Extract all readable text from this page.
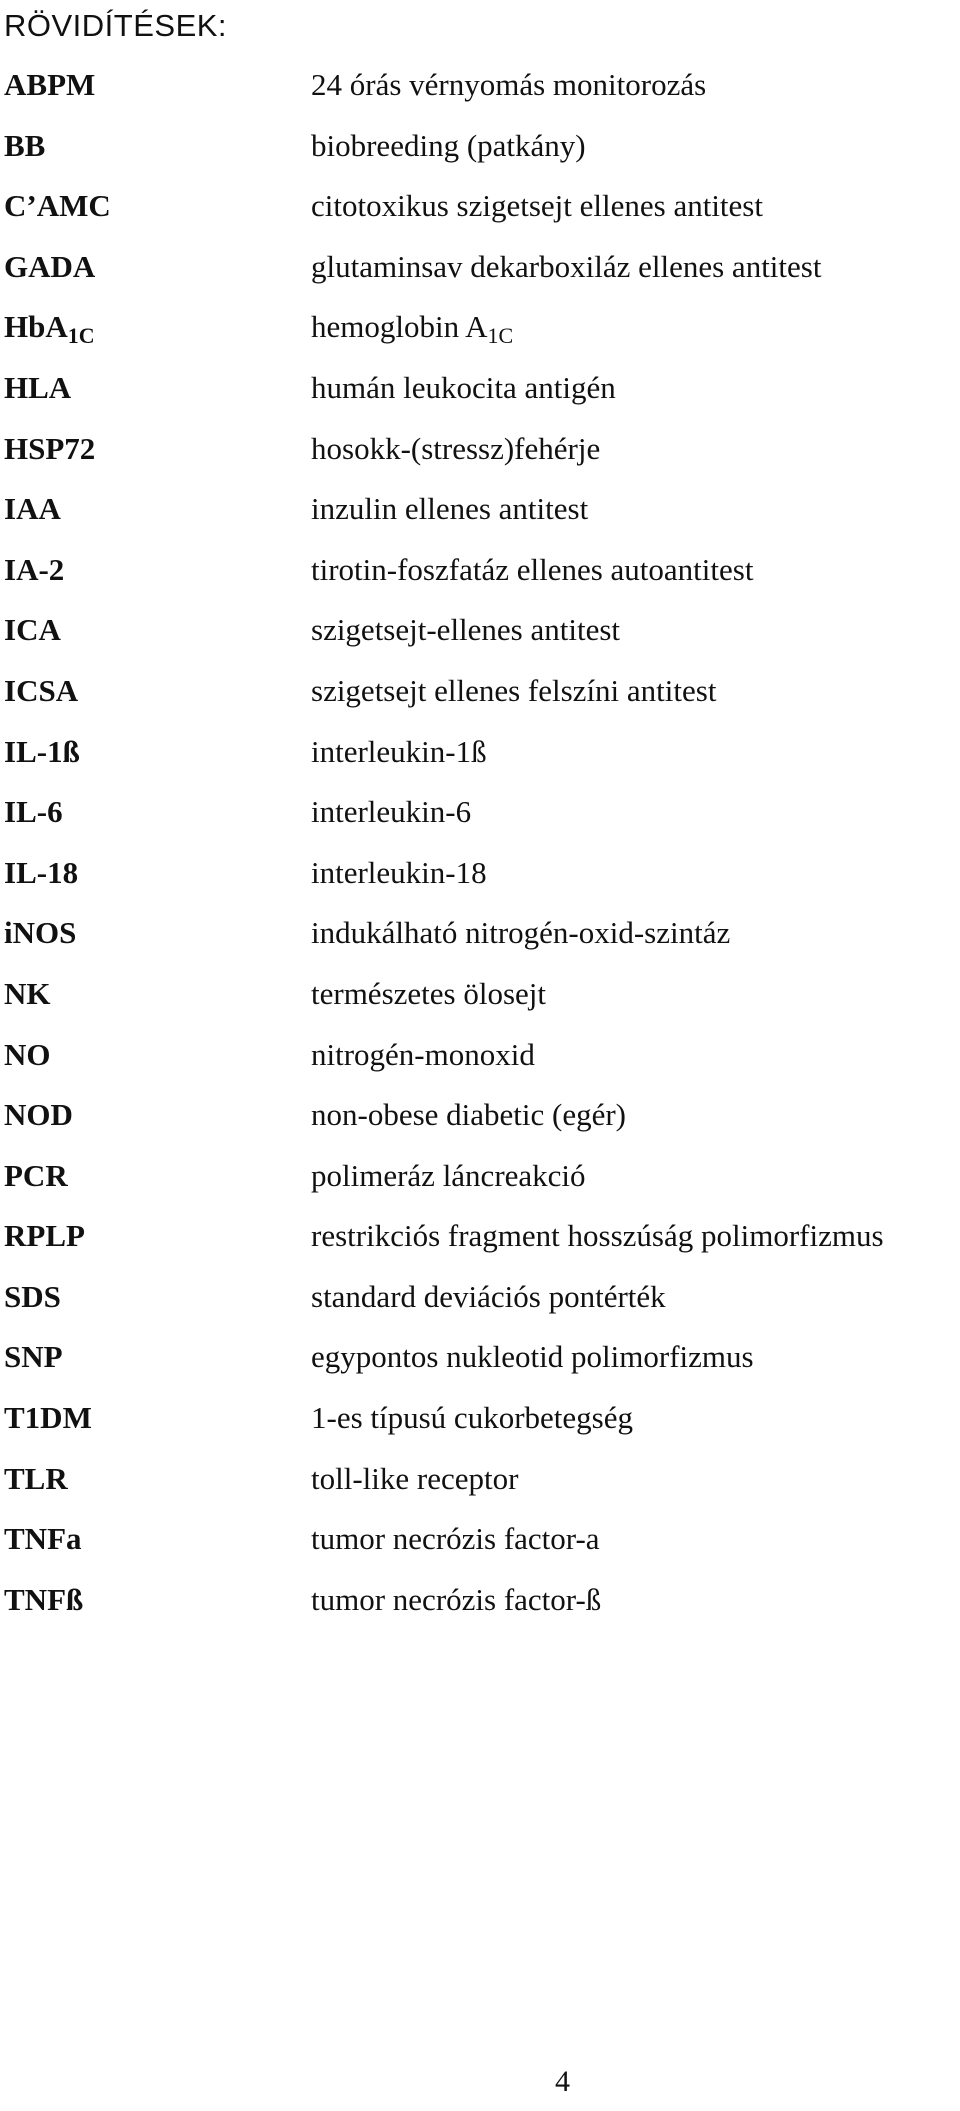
RÖVIDÍTÉSEK:
ABPM	24 órás vérnyomás monitorozás
BB	biobreeding (patkány)
C’AMC	citotoxikus szigetsejt ellenes antitest
GADA	glutaminsav dekarboxiláz ellenes antitest
HbA1C	hemoglobin A1C
HLA	humán leukocita antigén
HSP72	hosokk-(stressz)fehérje
IAA	inzulin ellenes antitest
IA-2	tirotin-foszfatáz ellenes autoantitest
ICA	szigetsejt-ellenes antitest
ICSA	szigetsejt ellenes felszíni antitest
IL-1ß	interleukin-1ß
IL-6	interleukin-6
IL-18	interleukin-18
iNOS	indukálható nitrogén-oxid-szintáz
NK	természetes ölosejt
NO	nitrogén-monoxid
NOD	non-obese diabetic (egér)
PCR	polimeráz láncreakció
RPLP	restrikciós fragment hosszúság polimorfizmus
SDS	standard deviációs pontérték
SNP	egypontos nukleotid polimorfizmus
T1DM	1-es típusú cukorbetegség
TLR	toll-like receptor
TNFa	tumor necrózis factor-a
TNFß	tumor necrózis factor-ß
4
